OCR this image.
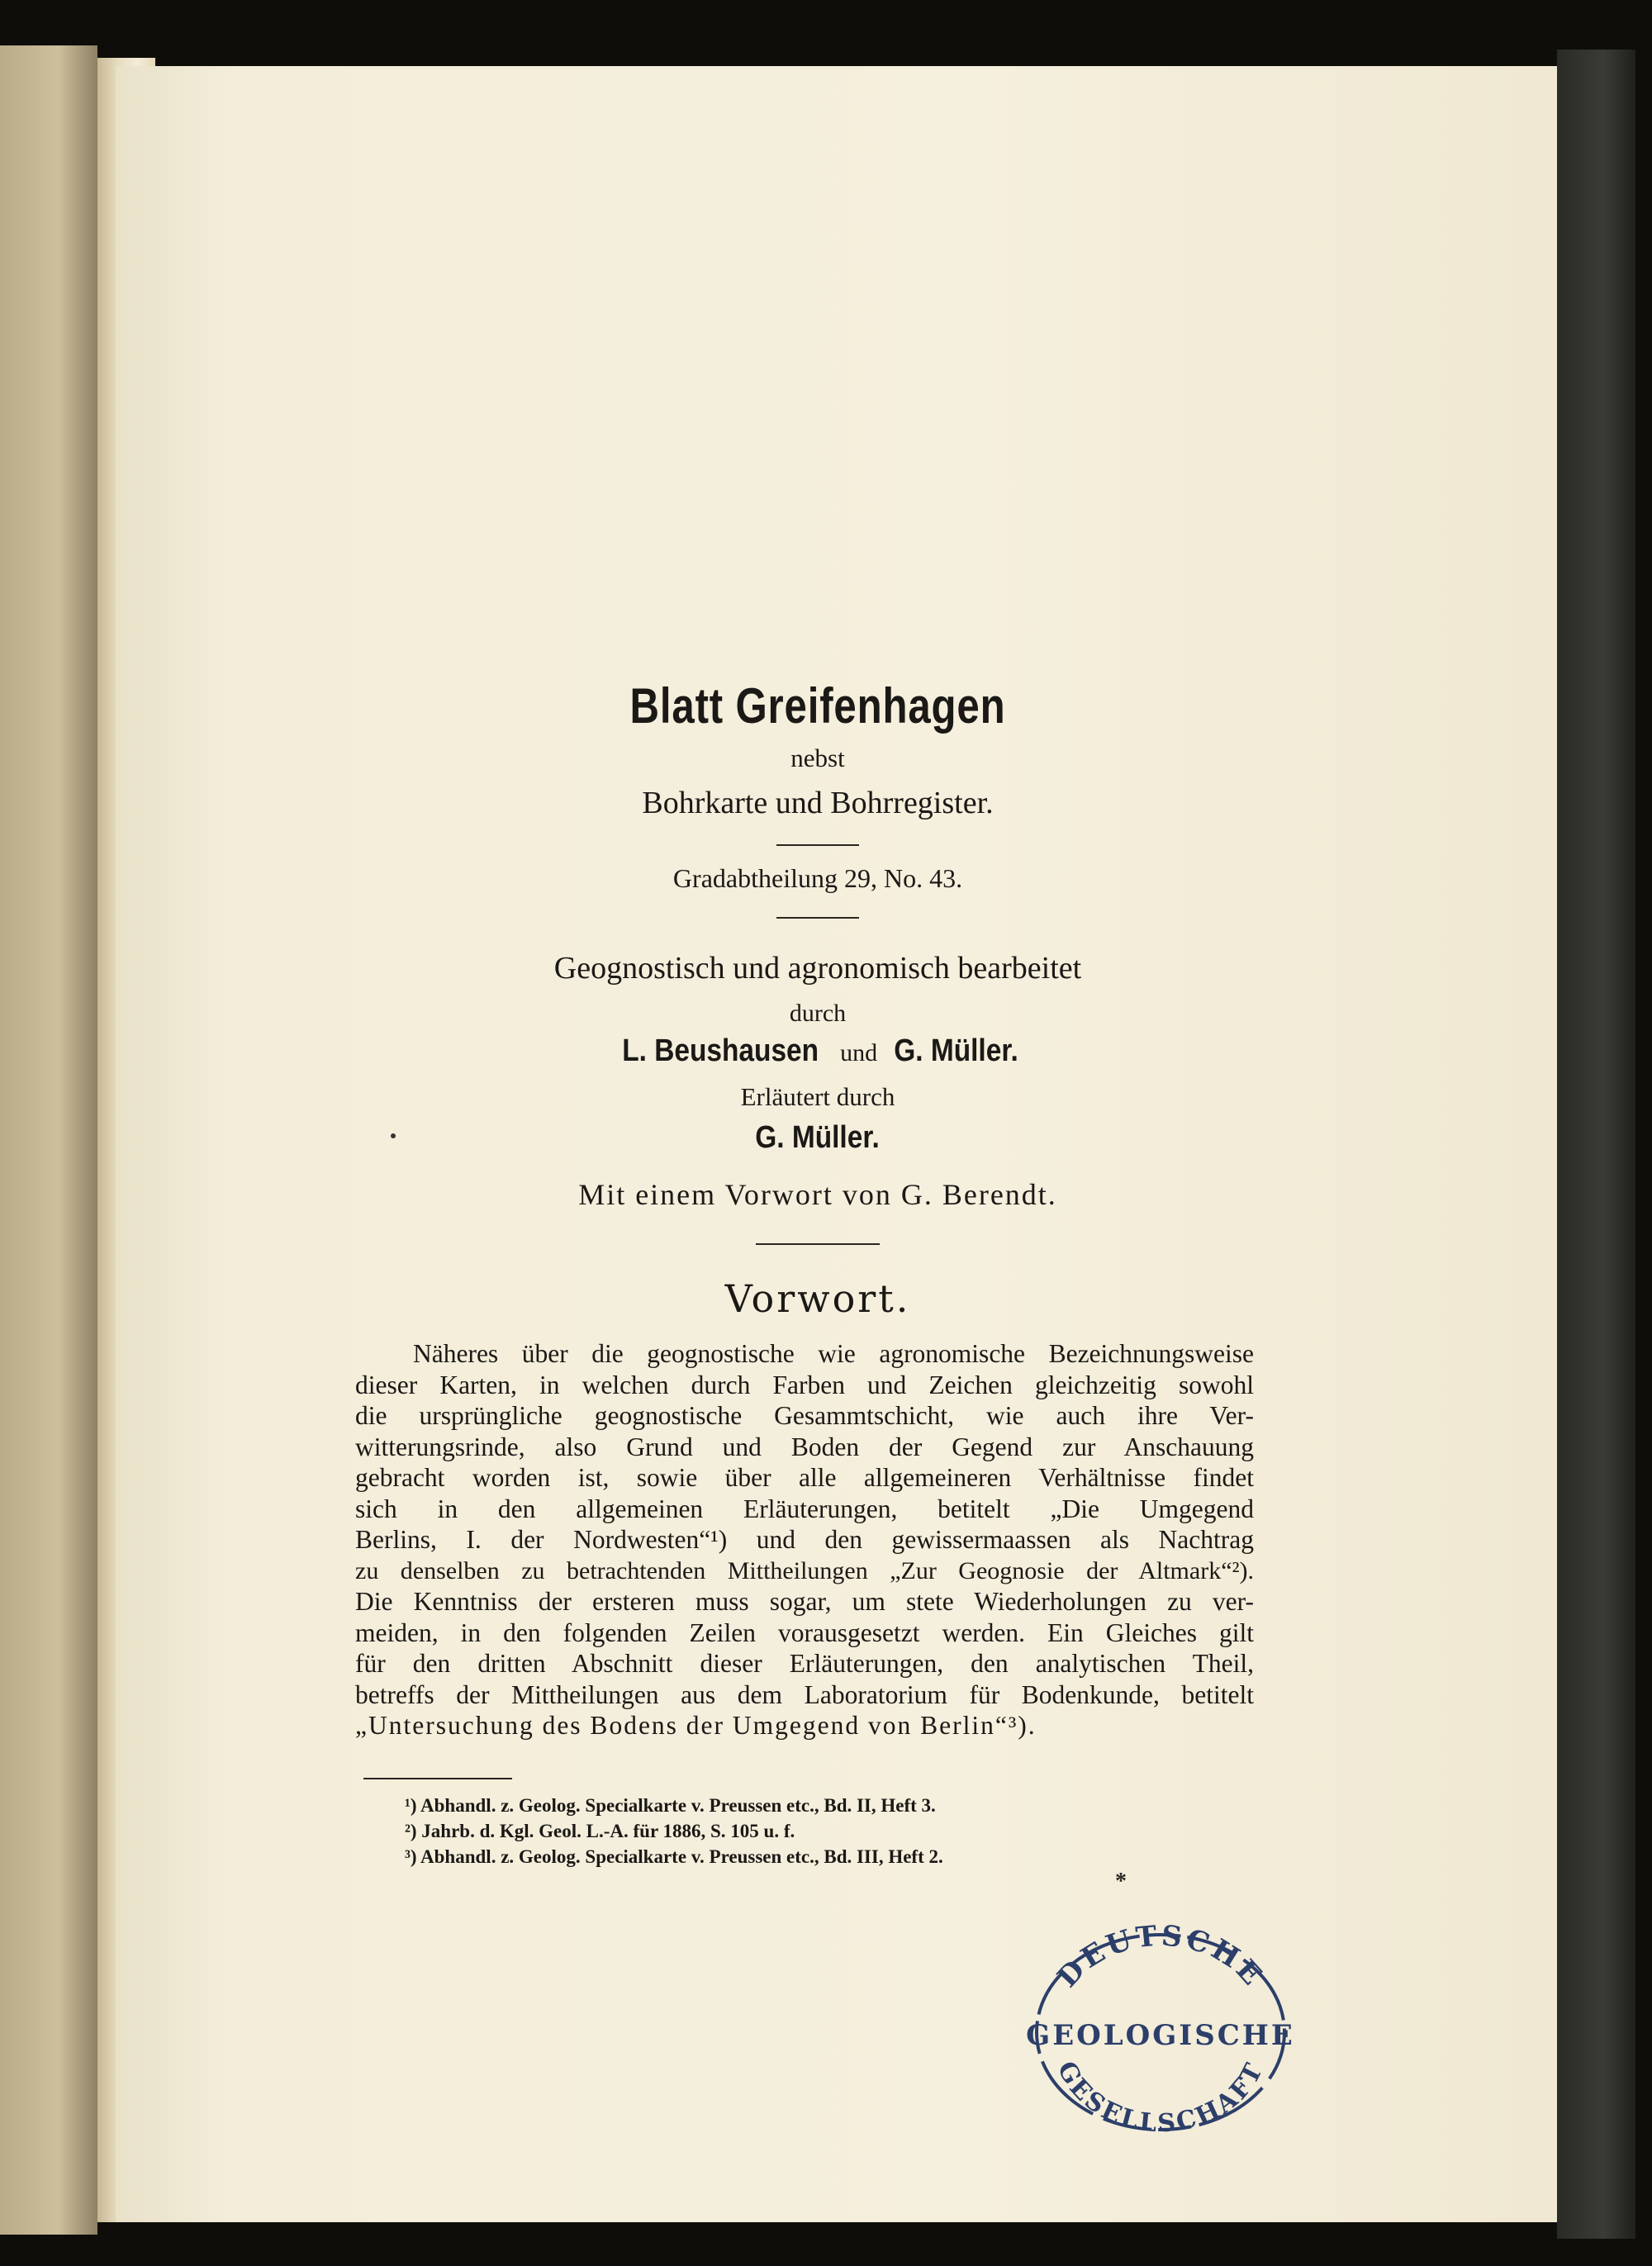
Blatt Greifenhagen
nebst
Bohrkarte und Bohrregister.
Gradabtheilung 29, No. 43.
Geognostisch und agronomisch bearbeitet
durch
L. Beushausen und G. Müller.
Erläutert durch
G. Müller.
Mit einem Vorwort von G. Berendt.
Vorwort.
Näheres über die geognostische wie agronomische Bezeichnungsweise
dieser Karten, in welchen durch Farben und Zeichen gleichzeitig sowohl
die ursprüngliche geognostische Gesammtschicht, wie auch ihre Ver-
witterungsrinde, also Grund und Boden der Gegend zur Anschauung
gebracht worden ist, sowie über alle allgemeineren Verhältnisse findet
sich in den allgemeinen Erläuterungen, betitelt „Die Umgegend
Berlins, I. der Nordwesten“¹) und den gewissermaassen als Nachtrag
zu denselben zu betrachtenden Mittheilungen „Zur Geognosie der Altmark“²).
Die Kenntniss der ersteren muss sogar, um stete Wiederholungen zu ver-
meiden, in den folgenden Zeilen vorausgesetzt werden. Ein Gleiches gilt
für den dritten Abschnitt dieser Erläuterungen, den analytischen Theil,
betreffs der Mittheilungen aus dem Laboratorium für Bodenkunde, betitelt
„Untersuchung des Bodens der Umgegend von Berlin“³).
¹) Abhandl. z. Geolog. Specialkarte v. Preussen etc., Bd. II, Heft 3.
²) Jahrb. d. Kgl. Geol. L.-A. für 1886, S. 105 u. f.
³) Abhandl. z. Geolog. Specialkarte v. Preussen etc., Bd. III, Heft 2.
*
DEUTSCHE
GEOLOGISCHE
GESELLSCHAFT
